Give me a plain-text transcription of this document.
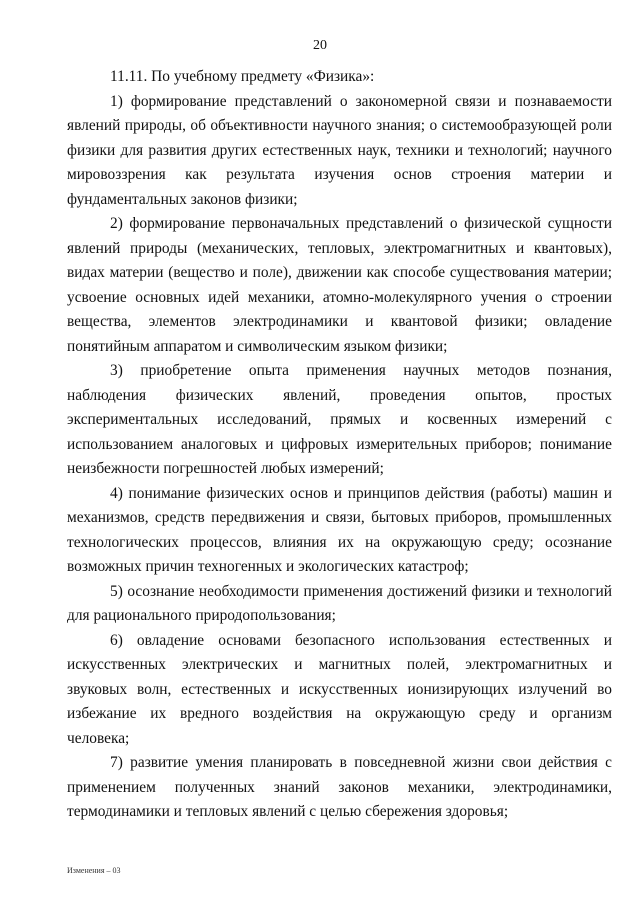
20

11.11. По учебному предмету «Физика»:

1) формирование представлений о закономерной связи и познаваемости явлений природы, об объективности научного знания; о системообразующей роли физики для развития других естественных наук, техники и технологий; научного мировоззрения как результата изучения основ строения материи и фундаментальных законов физики;

2) формирование первоначальных представлений о физической сущности явлений природы (механических, тепловых, электромагнитных и квантовых), видах материи (вещество и поле), движении как способе существования материи; усвоение основных идей механики, атомно-молекулярного учения о строении вещества, элементов электродинамики и квантовой физики; овладение понятийным аппаратом и символическим языком физики;

3) приобретение опыта применения научных методов познания, наблюдения физических явлений, проведения опытов, простых экспериментальных исследований, прямых и косвенных измерений с использованием аналоговых и цифровых измерительных приборов; понимание неизбежности погрешностей любых измерений;

4) понимание физических основ и принципов действия (работы) машин и механизмов, средств передвижения и связи, бытовых приборов, промышленных технологических процессов, влияния их на окружающую среду; осознание возможных причин техногенных и экологических катастроф;

5) осознание необходимости применения достижений физики и технологий для рационального природопользования;

6) овладение основами безопасного использования естественных и искусственных электрических и магнитных полей, электромагнитных и звуковых волн, естественных и искусственных ионизирующих излучений во избежание их вредного воздействия на окружающую среду и организм человека;

7) развитие умения планировать в повседневной жизни свои действия с применением полученных знаний законов механики, электродинамики, термодинамики и тепловых явлений с целью сбережения здоровья;

Изменения – 03
